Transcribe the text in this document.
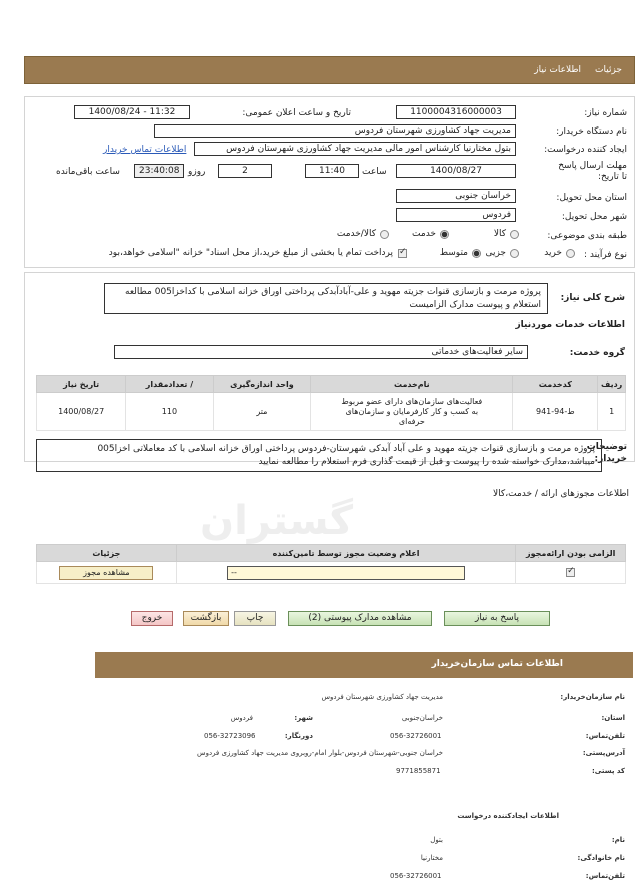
جزئیات
اطلاعات نیاز
شماره نیاز:
1100004316000003
تاریخ و ساعت اعلان عمومی:
1400/08/24 - 11:32
نام دستگاه خریدار:
مدیریت جهاد کشاورزی شهرستان فردوس
ایجاد کننده درخواست:
بتول مختارنیا کارشناس امور مالی مدیریت جهاد کشاورزی شهرستان فردوس
اطلاعات تماس خریدار
مهلت ارسال پاسخ تا تاریخ:
1400/08/27
ساعت
11:40
2
روزو
23:40:08
ساعت باقی‌مانده
استان محل تحویل:
خراسان جنوبی
شهر محل تحویل:
فردوس
طبقه بندی موضوعی:
کالا
خدمت
کالا/خدمت
نوع فرآیند :
خرید
جزیی
متوسط
✓
پرداخت تمام یا بخشی از مبلغ خرید،از محل اسناد" خزانه "اسلامی خواهد،بود
شرح کلی نیاز:
پروژه مرمت و بازسازی قنوات جزیته مهوید و علی-آبادآبدکی پرداختی اوراق خزانه اسلامی با کداخزا005 مطالعه استعلام و پیوست مدارک الزامیست
اطلاعات خدمات موردنیاز
گروه خدمت:
سایر فعالیت‌های خدماتی
ردیف	کدخدمت	نام‌خدمت	واحد اندازه‌گیری	/ تعداد‌مقدار	تاریخ نیاز
1	ط-94-941	فعالیت‌های سازمان‌های دارای عضو مربوط به کسب و کار کارفرمایان و سازمان‌های حرفه‌ای	متر	110	1400/08/27
توضیحات خریدار:
پروژه مرمت و بازسازی قنوات جزیته مهوید و علی آباد آبدکی شهرستان-فردوس پرداختی اوراق خزانه اسلامی با کد معاملاتی اخزا005 میباشد،مدارک خواسته شده را پیوست و قبل از قیمت گذاری فرم استعلام را مطالعه نمایید
اطلاعات مجوزهای ارائه / خدمت،کالا
گستران
الزامی بودن ارائه‌مجوز	اعلام وضعیت مجوز توسط تامین‌کننده	جزئیات
✓	
--	مشاهده مجوز
پاسخ به نیاز
مشاهده مدارک پیوستی (2)
چاپ
بازگشت
خروج
اطلاعات تماس سازمان‌خریدار
نام سازمان‌خریدار:
مدیریت جهاد کشاورزی شهرستان فردوس
استان:
خراسان‌جنوبی
شهر:
فردوس
تلفن‌تماس:
056-32726001
دورنگار:
056-32723096
آدرس‌پستی:
خراسان جنوبی-شهرستان فردوس-بلوار امام-روبروی مدیریت جهاد کشاورزی فردوس
کد پستی:
9771855871
اطلاعات ایجادکننده درخواست
نام:
بتول
نام خانوادگی:
مختارنیا
تلفن‌تماس:
056-32726001
